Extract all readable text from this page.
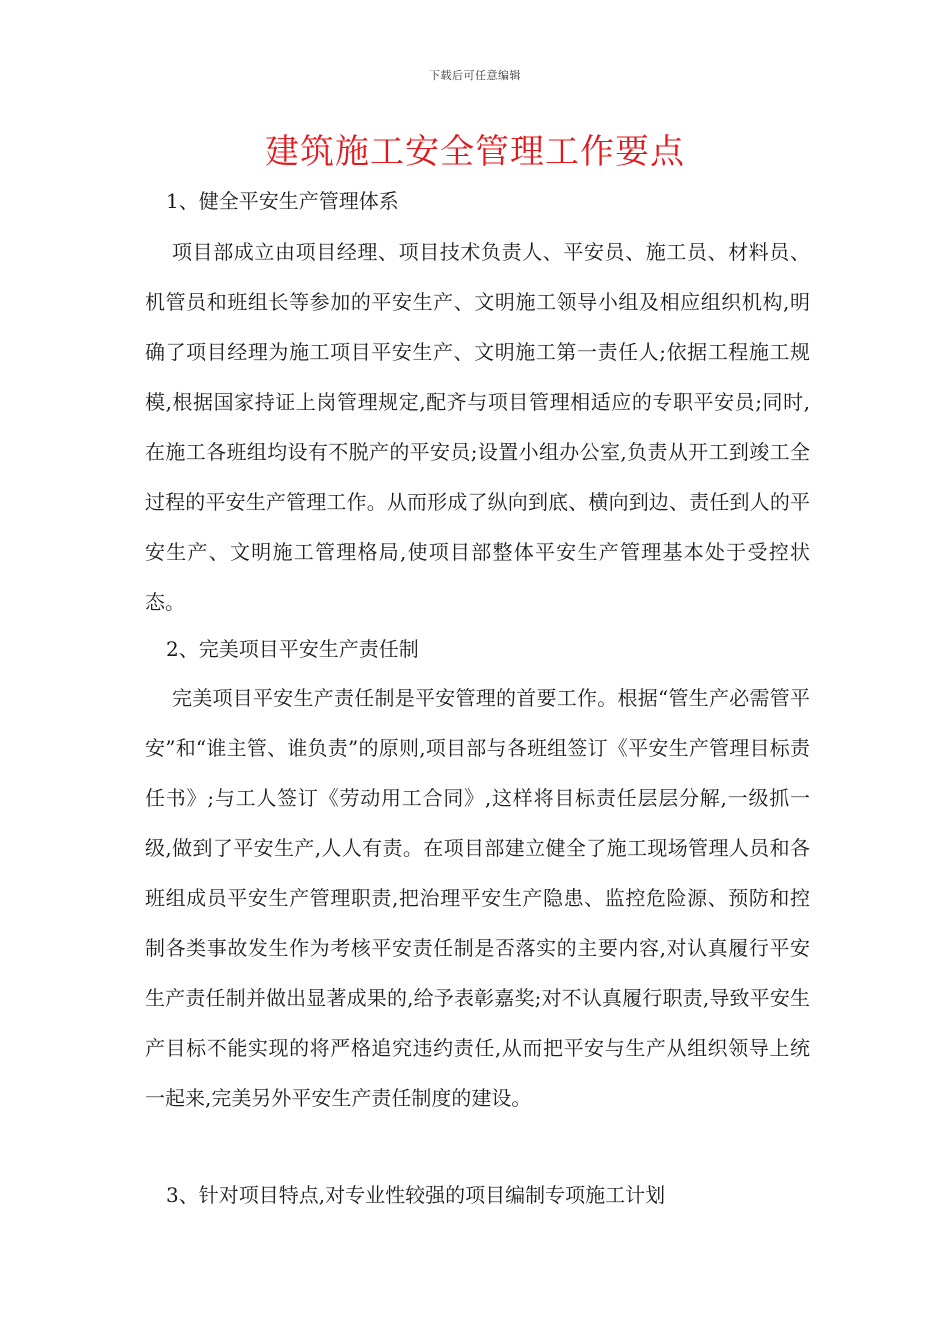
下载后可任意编辑
建筑施工安全管理工作要点
1、健全平安生产管理体系
项目部成立由项目经理、项目技术负责人、平安员、施工员、材料员、机管员和班组长等参加的平安生产、文明施工领导小组及相应组织机构,明确了项目经理为施工项目平安生产、文明施工第一责任人;依据工程施工规模,根据国家持证上岗管理规定,配齐与项目管理相适应的专职平安员;同时,在施工各班组均设有不脱产的平安员;设置小组办公室,负责从开工到竣工全过程的平安生产管理工作。从而形成了纵向到底、横向到边、责任到人的平安生产、文明施工管理格局,使项目部整体平安生产管理基本处于受控状态。
2、完美项目平安生产责任制
完美项目平安生产责任制是平安管理的首要工作。根据“管生产必需管平安”和“谁主管、谁负责”的原则,项目部与各班组签订《平安生产管理目标责任书》;与工人签订《劳动用工合同》,这样将目标责任层层分解,一级抓一级,做到了平安生产,人人有责。在项目部建立健全了施工现场管理人员和各班组成员平安生产管理职责,把治理平安生产隐患、监控危险源、预防和控制各类事故发生作为考核平安责任制是否落实的主要内容,对认真履行平安生产责任制并做出显著成果的,给予表彰嘉奖;对不认真履行职责,导致平安生产目标不能实现的将严格追究违约责任,从而把平安与生产从组织领导上统一起来,完美另外平安生产责任制度的建设。
3、针对项目特点,对专业性较强的项目编制专项施工计划
